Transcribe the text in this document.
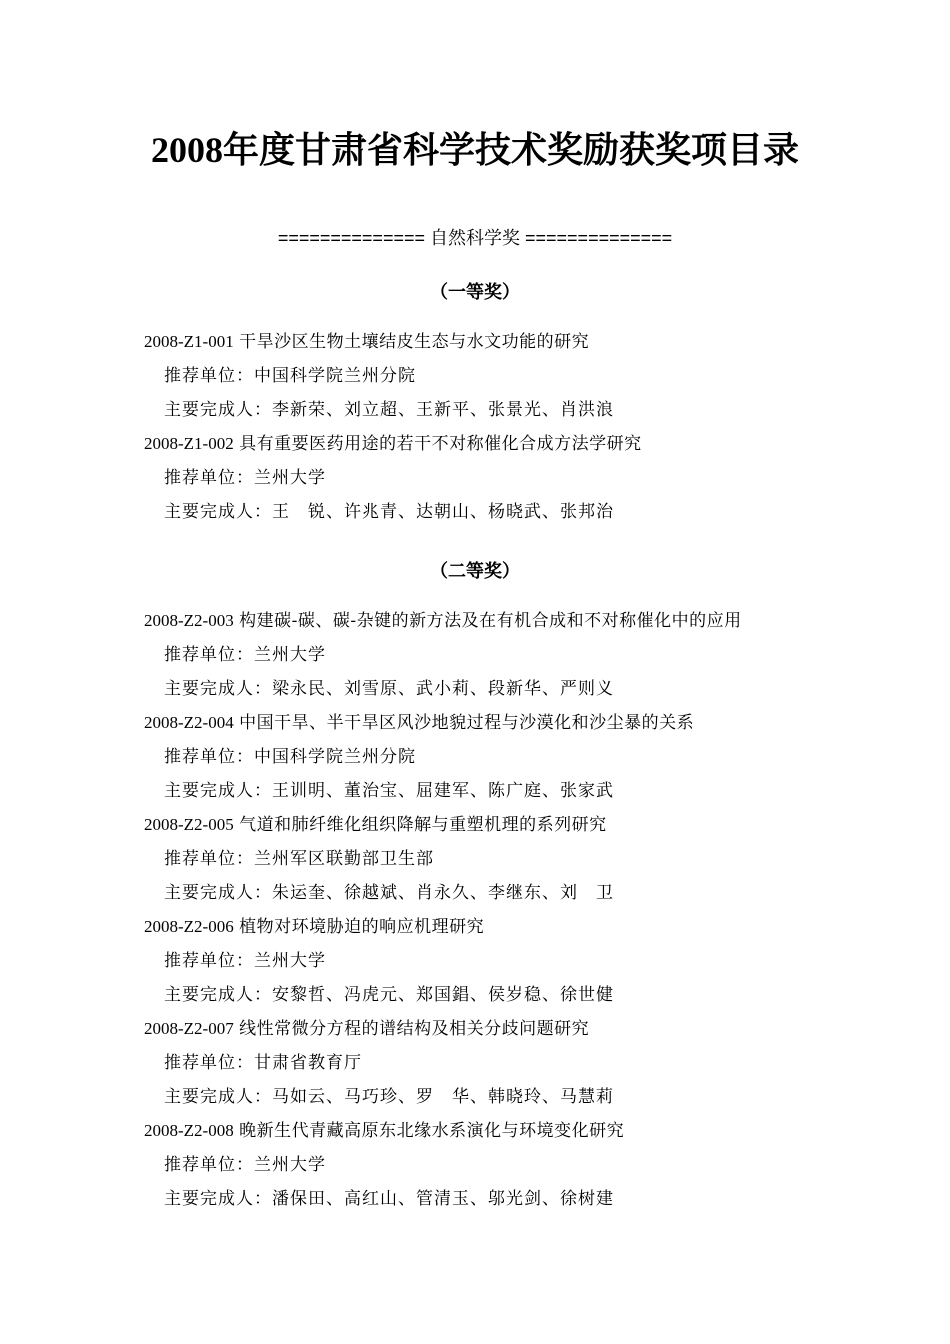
2008年度甘肃省科学技术奖励获奖项目录
============== 自然科学奖 ==============
（一等奖）
2008-Z1-001 干旱沙区生物土壤结皮生态与水文功能的研究
推荐单位：中国科学院兰州分院
主要完成人：李新荣、刘立超、王新平、张景光、肖洪浪
2008-Z1-002 具有重要医药用途的若干不对称催化合成方法学研究
推荐单位：兰州大学
主要完成人：王　锐、许兆青、达朝山、杨晓武、张邦治
（二等奖）
2008-Z2-003 构建碳-碳、碳-杂键的新方法及在有机合成和不对称催化中的应用
推荐单位：兰州大学
主要完成人：梁永民、刘雪原、武小莉、段新华、严则义
2008-Z2-004 中国干旱、半干旱区风沙地貌过程与沙漠化和沙尘暴的关系
推荐单位：中国科学院兰州分院
主要完成人：王训明、董治宝、屈建军、陈广庭、张家武
2008-Z2-005 气道和肺纤维化组织降解与重塑机理的系列研究
推荐单位：兰州军区联勤部卫生部
主要完成人：朱运奎、徐越斌、肖永久、李继东、刘　卫
2008-Z2-006 植物对环境胁迫的响应机理研究
推荐单位：兰州大学
主要完成人：安黎哲、冯虎元、郑国錩、侯岁稳、徐世健
2008-Z2-007 线性常微分方程的谱结构及相关分歧问题研究
推荐单位：甘肃省教育厅
主要完成人：马如云、马巧珍、罗　华、韩晓玲、马慧莉
2008-Z2-008 晚新生代青藏高原东北缘水系演化与环境变化研究
推荐单位：兰州大学
主要完成人：潘保田、高红山、管清玉、邬光剑、徐树建
